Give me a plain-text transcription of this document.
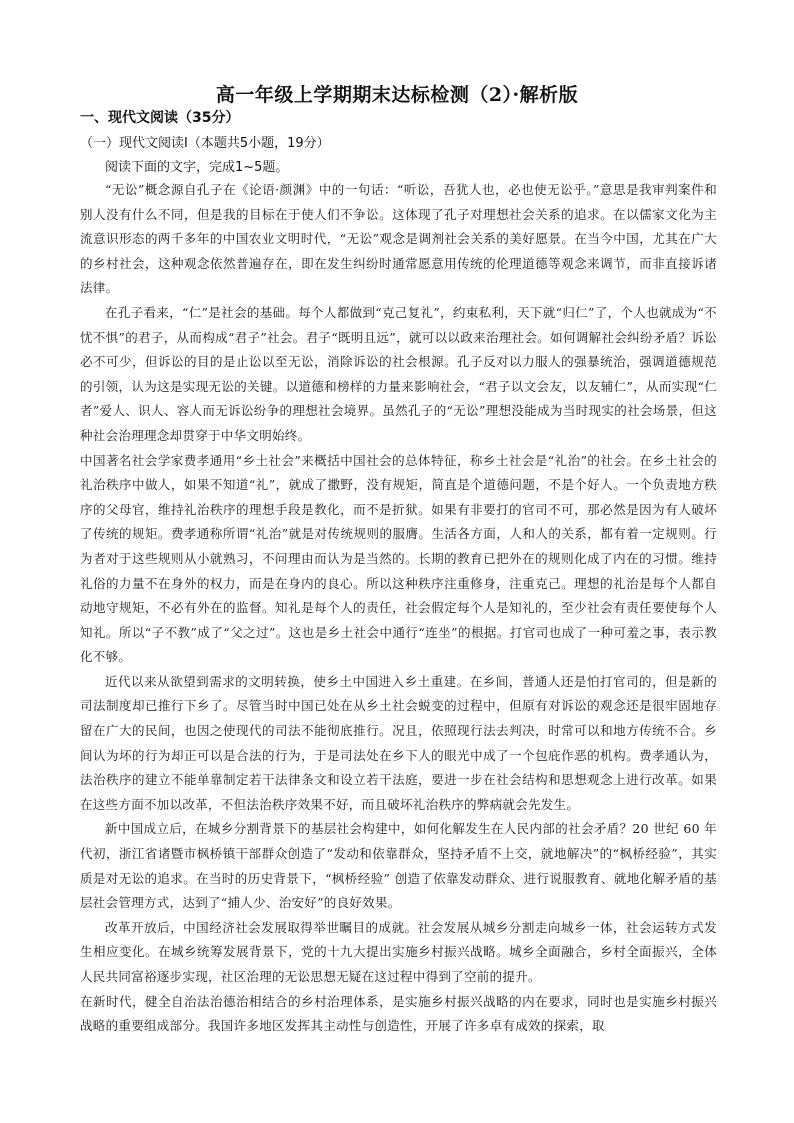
高一年级上学期期末达标检测（2）·解析版
一、现代文阅读（35分）
（一）现代文阅读Ⅰ（本题共5小题，19分）
阅读下面的文字，完成1~5题。

“无讼”概念源自孔子在《论语·颜渊》中的一句话：“听讼，吾犹人也，必也使无讼乎。”意思是我审判案件和别人没有什么不同，但是我的目标在于使人们不争讼。这体现了孔子对理想社会关系的追求。在以儒家文化为主流意识形态的两千多年的中国农业文明时代，“无讼”观念是调剂社会关系的美好愿景。在当今中国，尤其在广大的乡村社会，这种观念依然普遍存在，即在发生纠纷时通常愿意用传统的伦理道德等观念来调节，而非直接诉诸法律。

在孔子看来，“仁”是社会的基础。每个人都做到“克己复礼”，约束私利，天下就“归仁”了，个人也就成为“不忧不惧”的君子，从而构成“君子”社会。君子“既明且远”，就可以以政来治理社会。如何调解社会纠纷矛盾？诉讼必不可少，但诉讼的目的是止讼以至无讼，消除诉讼的社会根源。孔子反对以力服人的强暴统治，强调道德规范的引领，认为这是实现无讼的关键。以道德和榜样的力量来影响社会，“君子以文会友，以友辅仁”，从而实现“仁者”爱人、识人、容人而无诉讼纷争的理想社会境界。虽然孔子的“无讼”理想没能成为当时现实的社会场景，但这种社会治理理念却贯穿于中华文明始终。

中国著名社会学家费孝通用“乡土社会”来概括中国社会的总体特征，称乡土社会是“礼治”的社会。在乡土社会的礼治秩序中做人，如果不知道“礼”，就成了撒野，没有规矩，简直是个道德问题，不是个好人。一个负责地方秩序的父母官，维持礼治秩序的理想手段是教化，而不是折狱。如果有非要打的官司不可，那必然是因为有人破坏了传统的规矩。费孝通称所谓“礼治”就是对传统规则的服膺。生活各方面，人和人的关系，都有着一定规则。行为者对于这些规则从小就熟习，不问理由而认为是当然的。长期的教育已把外在的规则化成了内在的习惯。维持礼俗的力量不在身外的权力，而是在身内的良心。所以这种秩序注重修身，注重克己。理想的礼治是每个人都自动地守规矩，不必有外在的监督。知礼是每个人的责任，社会假定每个人是知礼的，至少社会有责任要使每个人知礼。所以“子不教”成了“父之过”。这也是乡土社会中通行“连坐”的根据。打官司也成了一种可羞之事，表示教化不够。

近代以来从欲望到需求的文明转换，使乡土中国进入乡土重建。在乡间，普通人还是怕打官司的，但是新的司法制度却已推行下乡了。尽管当时中国已处在从乡土社会蜕变的过程中，但原有对诉讼的观念还是很牢固地存留在广大的民间，也因之使现代的司法不能彻底推行。况且，依照现行法去判决，时常可以和地方传统不合。乡间认为坏的行为却正可以是合法的行为，于是司法处在乡下人的眼光中成了一个包庇作恶的机构。费孝通认为，法治秩序的建立不能单靠制定若干法律条文和设立若干法庭，要进一步在社会结构和思想观念上进行改革。如果在这些方面不加以改革，不但法治秩序效果不好，而且破坏礼治秩序的弊病就会先发生。

新中国成立后，在城乡分割背景下的基层社会构建中，如何化解发生在人民内部的社会矛盾？20 世纪 60 年代初，浙江省诸暨市枫桥镇干部群众创造了“发动和依靠群众，坚持矛盾不上交，就地解决”的“枫桥经验”，其实质是对无讼的追求。在当时的历史背景下，“枫桥经验” 创造了依靠发动群众、进行说服教育、就地化解矛盾的基层社会管理方式，达到了“捕人少、治安好”的良好效果。

改革开放后，中国经济社会发展取得举世瞩目的成就。社会发展从城乡分割走向城乡一体，社会运转方式发生相应变化。在城乡统筹发展背景下，党的十九大提出实施乡村振兴战略。城乡全面融合，乡村全面振兴，全体人民共同富裕逐步实现，社区治理的无讼思想无疑在这过程中得到了空前的提升。

在新时代，健全自治法治德治相结合的乡村治理体系，是实施乡村振兴战略的内在要求，同时也是实施乡村振兴战略的重要组成部分。我国许多地区发挥其主动性与创造性，开展了许多卓有成效的探索，取
